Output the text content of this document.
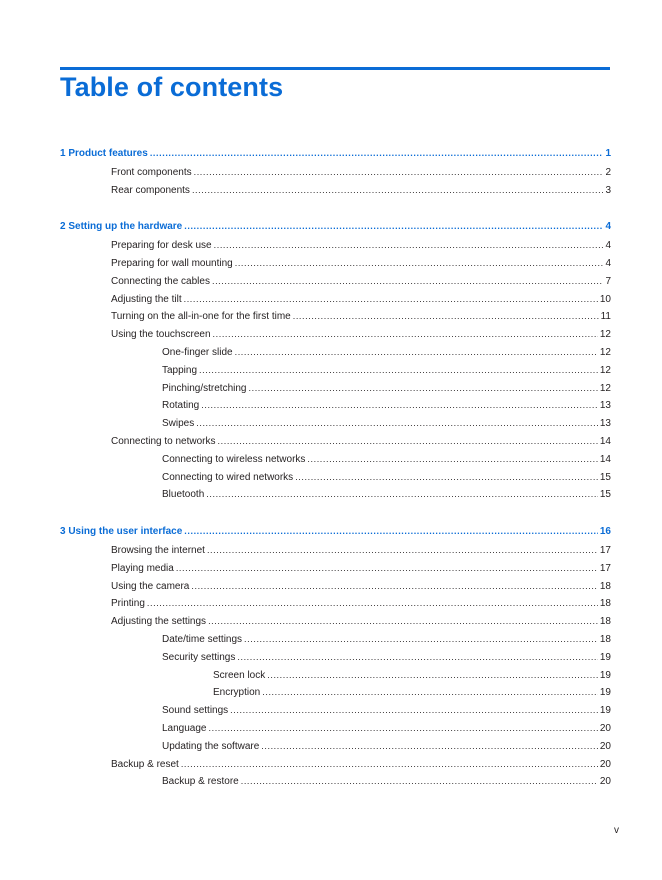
Table of contents
1 Product features .....	1
Front components .....	2
Rear components .....	3
2 Setting up the hardware .....	4
Preparing for desk use .....	4
Preparing for wall mounting .....	4
Connecting the cables .....	7
Adjusting the tilt .....	10
Turning on the all-in-one for the first time .....	11
Using the touchscreen .....	12
One-finger slide .....	12
Tapping .....	12
Pinching/stretching .....	12
Rotating .....	13
Swipes .....	13
Connecting to networks .....	14
Connecting to wireless networks .....	14
Connecting to wired networks .....	15
Bluetooth .....	15
3 Using the user interface .....	16
Browsing the internet .....	17
Playing media .....	17
Using the camera .....	18
Printing .....	18
Adjusting the settings .....	18
Date/time settings .....	18
Security settings .....	19
Screen lock .....	19
Encryption .....	19
Sound settings .....	19
Language .....	20
Updating the software .....	20
Backup & reset .....	20
Backup & restore .....	20

v
